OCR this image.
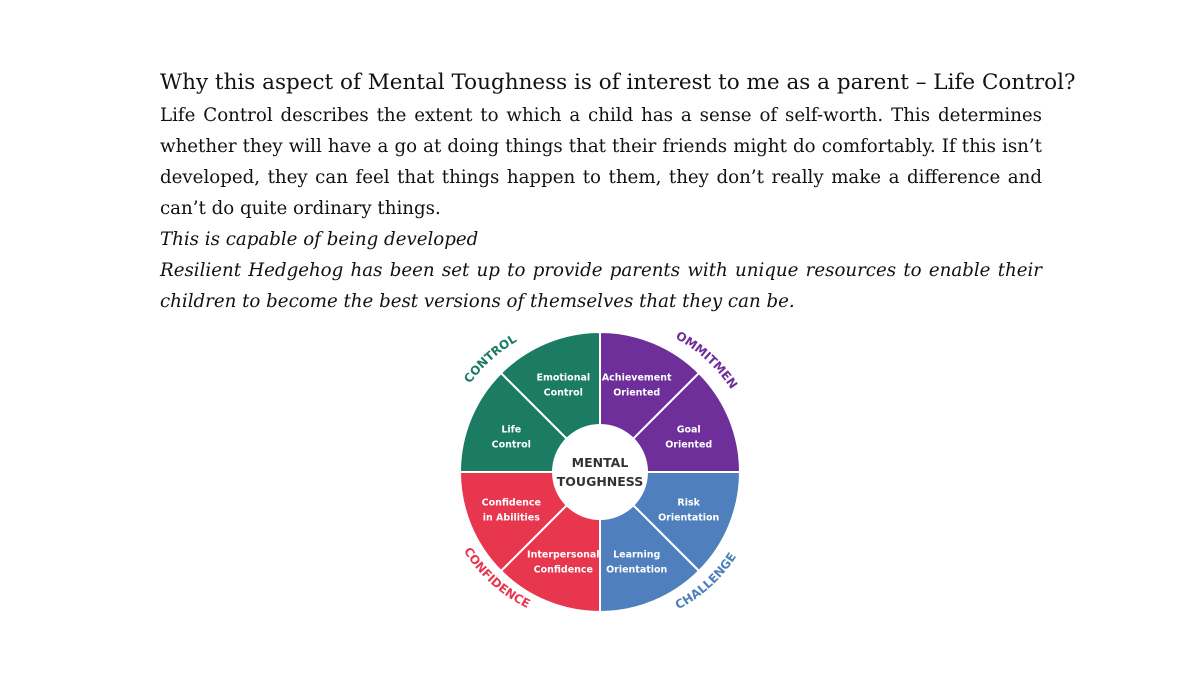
Why this aspect of Mental Toughness is of interest to me as a parent – Life Control?

Life Control describes the extent to which a child has a sense of self-worth. This determines whether they will have a go at doing things that their friends might do comfortably. If this isn’t developed, they can feel that things happen to them, they don’t really make a difference and can’t do quite ordinary things.

This is capable of being developed

Resilient Hedgehog has been set up to provide parents with unique resources to enable their children to become the best versions of themselves that they can be.

Life
Control
Emotional
Control
Achievement
Oriented
Goal
Oriented
Risk
Orientation
Learning
Orientation
Interpersonal
Confidence
Confidence
in Abilities
MENTAL
TOUGHNESS
CONTROL	OMMITMEN
CHALLENGE
CONFIDENCE
